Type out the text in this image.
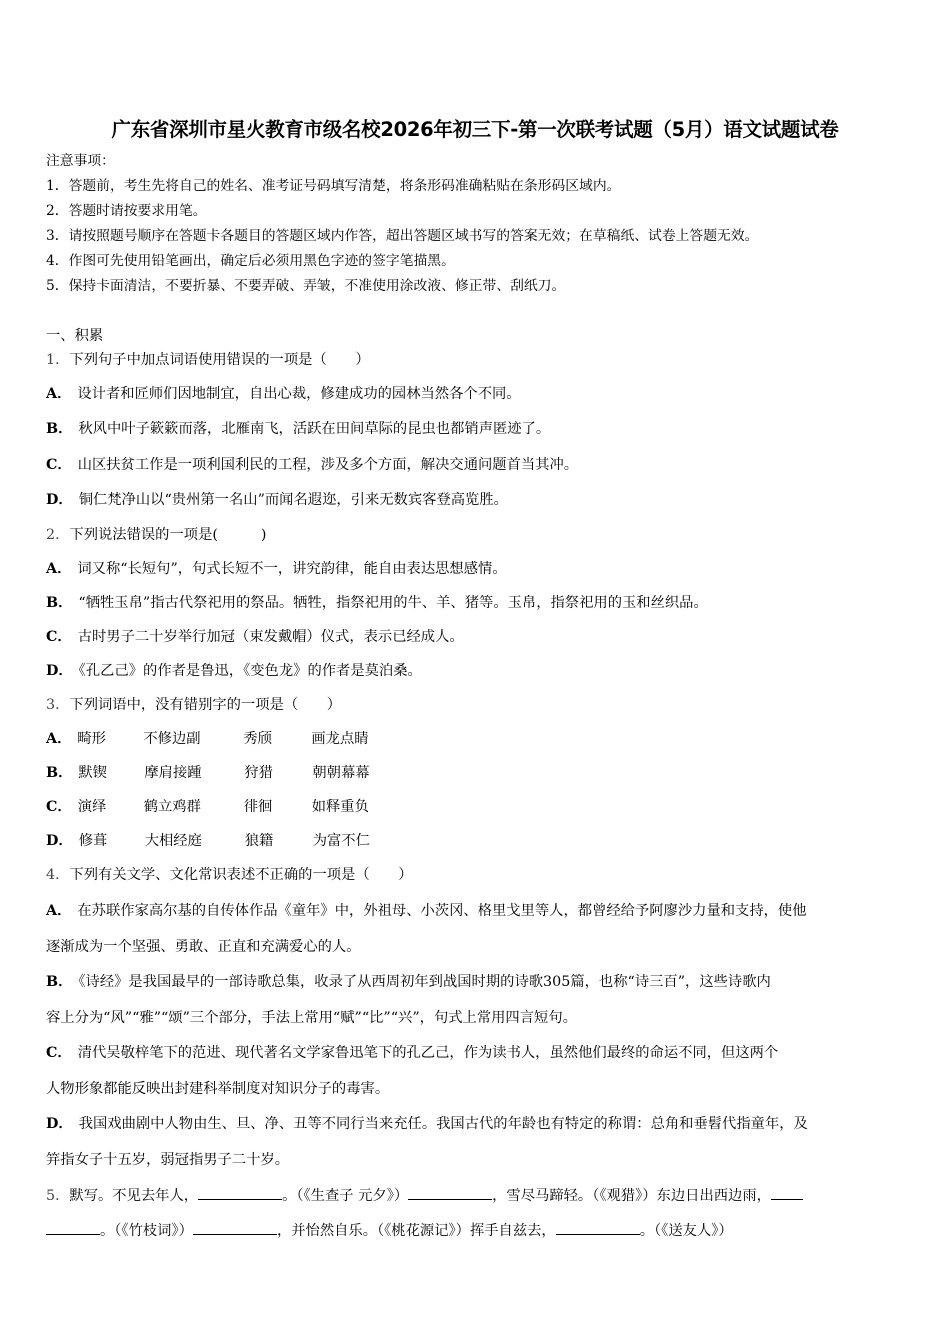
广东省深圳市星火教育市级名校2026年初三下-第一次联考试题（5月）语文试题试卷
注意事项：
1．答题前，考生先将自己的姓名、准考证号码填写清楚，将条形码准确粘贴在条形码区域内。
2．答题时请按要求用笔。
3．请按照题号顺序在答题卡各题目的答题区域内作答，超出答题区域书写的答案无效；在草稿纸、试卷上答题无效。
4．作图可先使用铅笔画出，确定后必须用黑色字迹的签字笔描黑。
5．保持卡面清洁，不要折暴、不要弄破、弄皱，不准使用涂改液、修正带、刮纸刀。
一、积累
1．下列句子中加点词语使用错误的一项是（　　）
A． 设计者和匠师们因地制宜，自出心裁，修建成功的园林当然各个不同。
B． 秋风中叶子簌簌而落，北雁南飞，活跃在田间草际的昆虫也都销声匿迹了。
C． 山区扶贫工作是一项利国利民的工程，涉及多个方面，解决交通问题首当其冲。
D． 铜仁梵净山以“贵州第一名山”而闻名遐迩，引来无数宾客登高览胜。
2．下列说法错误的一项是(　　　)
A． 词又称“长短句”，句式长短不一，讲究韵律，能自由表达思想感情。
B． “牺牲玉帛”指古代祭祀用的祭品。牺牲，指祭祀用的牛、羊、猪等。玉帛，指祭祀用的玉和丝织品。
C． 古时男子二十岁举行加冠（束发戴帽）仪式，表示已经成人。
D． 《孔乙己》的作者是鲁迅，《变色龙》的作者是莫泊桑。
3．下列词语中，没有错别字的一项是（　　）
A． 畸形	不修边副	秀颀	画龙点睛
B． 默锲	摩肩接踵	狩猎	朝朝幕幕
C． 演绎	鹤立鸡群	徘徊	如释重负
D． 修葺	大相经庭	狼籍	为富不仁
4．下列有关文学、文化常识表述不正确的一项是（　　）
A． 在苏联作家高尔基的自传体作品《童年》中，外祖母、小茨冈、格里戈里等人，都曾经给予阿廖沙力量和支持，使他
逐渐成为一个坚强、勇敢、正直和充满爱心的人。
B． 《诗经》是我国最早的一部诗歌总集，收录了从西周初年到战国时期的诗歌305篇，也称“诗三百”，这些诗歌内
容上分为“风”“雅”“颂”三个部分，手法上常用“赋”“比”“兴”，句式上常用四言短句。
C． 清代吴敬梓笔下的范进、现代著名文学家鲁迅笔下的孔乙己，作为读书人，虽然他们最终的命运不同，但这两个
人物形象都能反映出封建科举制度对知识分子的毒害。
D． 我国戏曲剧中人物由生、旦、净、丑等不同行当来充任。我国古代的年龄也有特定的称谓：总角和垂髫代指童年，及
笄指女子十五岁，弱冠指男子二十岁。
5．默写。不见去年人，	。（《生查子 元夕》）	，雪尽马蹄轻。（《观猎》）东边日出西边雨，
。（《竹枝词》）	，并怡然自乐。（《桃花源记》）挥手自兹去，	。（《送友人》）
